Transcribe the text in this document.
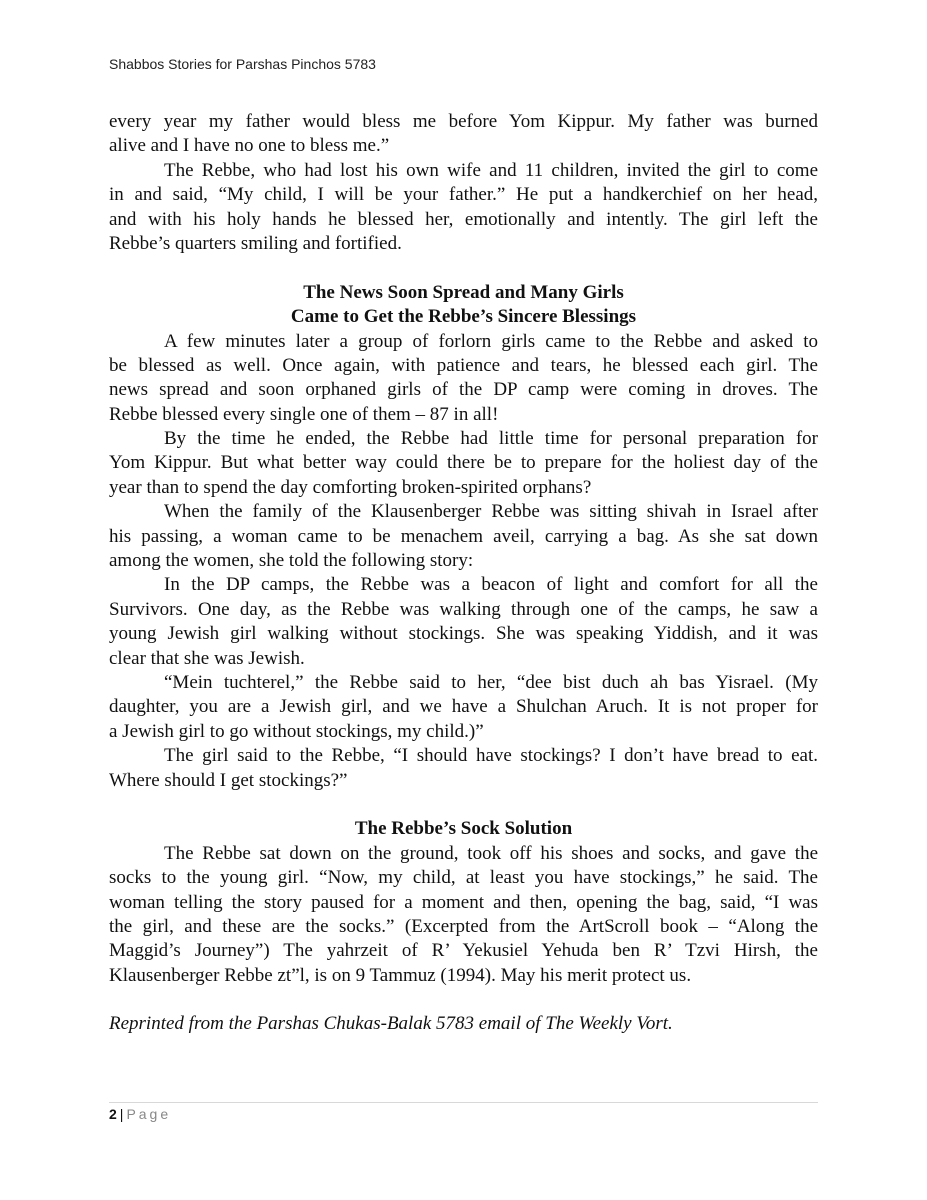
Shabbos Stories for Parshas Pinchos 5783
every year my father would bless me before Yom Kippur. My father was burned
alive and I have no one to bless me.”
The Rebbe, who had lost his own wife and 11 children, invited the girl to come
in and said, “My child, I will be your father.” He put a handkerchief on her head,
and with his holy hands he blessed her, emotionally and intently. The girl left the
Rebbe’s quarters smiling and fortified.
The News Soon Spread and Many Girls
Came to Get the Rebbe’s Sincere Blessings
A few minutes later a group of forlorn girls came to the Rebbe and asked to
be blessed as well. Once again, with patience and tears, he blessed each girl. The
news spread and soon orphaned girls of the DP camp were coming in droves. The
Rebbe blessed every single one of them – 87 in all!
By the time he ended, the Rebbe had little time for personal preparation for
Yom Kippur. But what better way could there be to prepare for the holiest day of the
year than to spend the day comforting broken-spirited orphans?
When the family of the Klausenberger Rebbe was sitting shivah in Israel after
his passing, a woman came to be menachem aveil, carrying a bag. As she sat down
among the women, she told the following story:
In the DP camps, the Rebbe was a beacon of light and comfort for all the
Survivors. One day, as the Rebbe was walking through one of the camps, he saw a
young Jewish girl walking without stockings. She was speaking Yiddish, and it was
clear that she was Jewish.
“Mein tuchterel,” the Rebbe said to her, “dee bist duch ah bas Yisrael. (My
daughter, you are a Jewish girl, and we have a Shulchan Aruch. It is not proper for
a Jewish girl to go without stockings, my child.)”
The girl said to the Rebbe, “I should have stockings? I don’t have bread to eat.
Where should I get stockings?”
The Rebbe’s Sock Solution
The Rebbe sat down on the ground, took off his shoes and socks, and gave the
socks to the young girl. “Now, my child, at least you have stockings,” he said. The
woman telling the story paused for a moment and then, opening the bag, said, “I was
the girl, and these are the socks.” (Excerpted from the ArtScroll book – “Along the
Maggid’s Journey”) The yahrzeit of R’ Yekusiel Yehuda ben R’ Tzvi Hirsh, the
Klausenberger Rebbe zt”l, is on 9 Tammuz (1994). May his merit protect us.
Reprinted from the Parshas Chukas-Balak 5783 email of The Weekly Vort.
2 | Page
